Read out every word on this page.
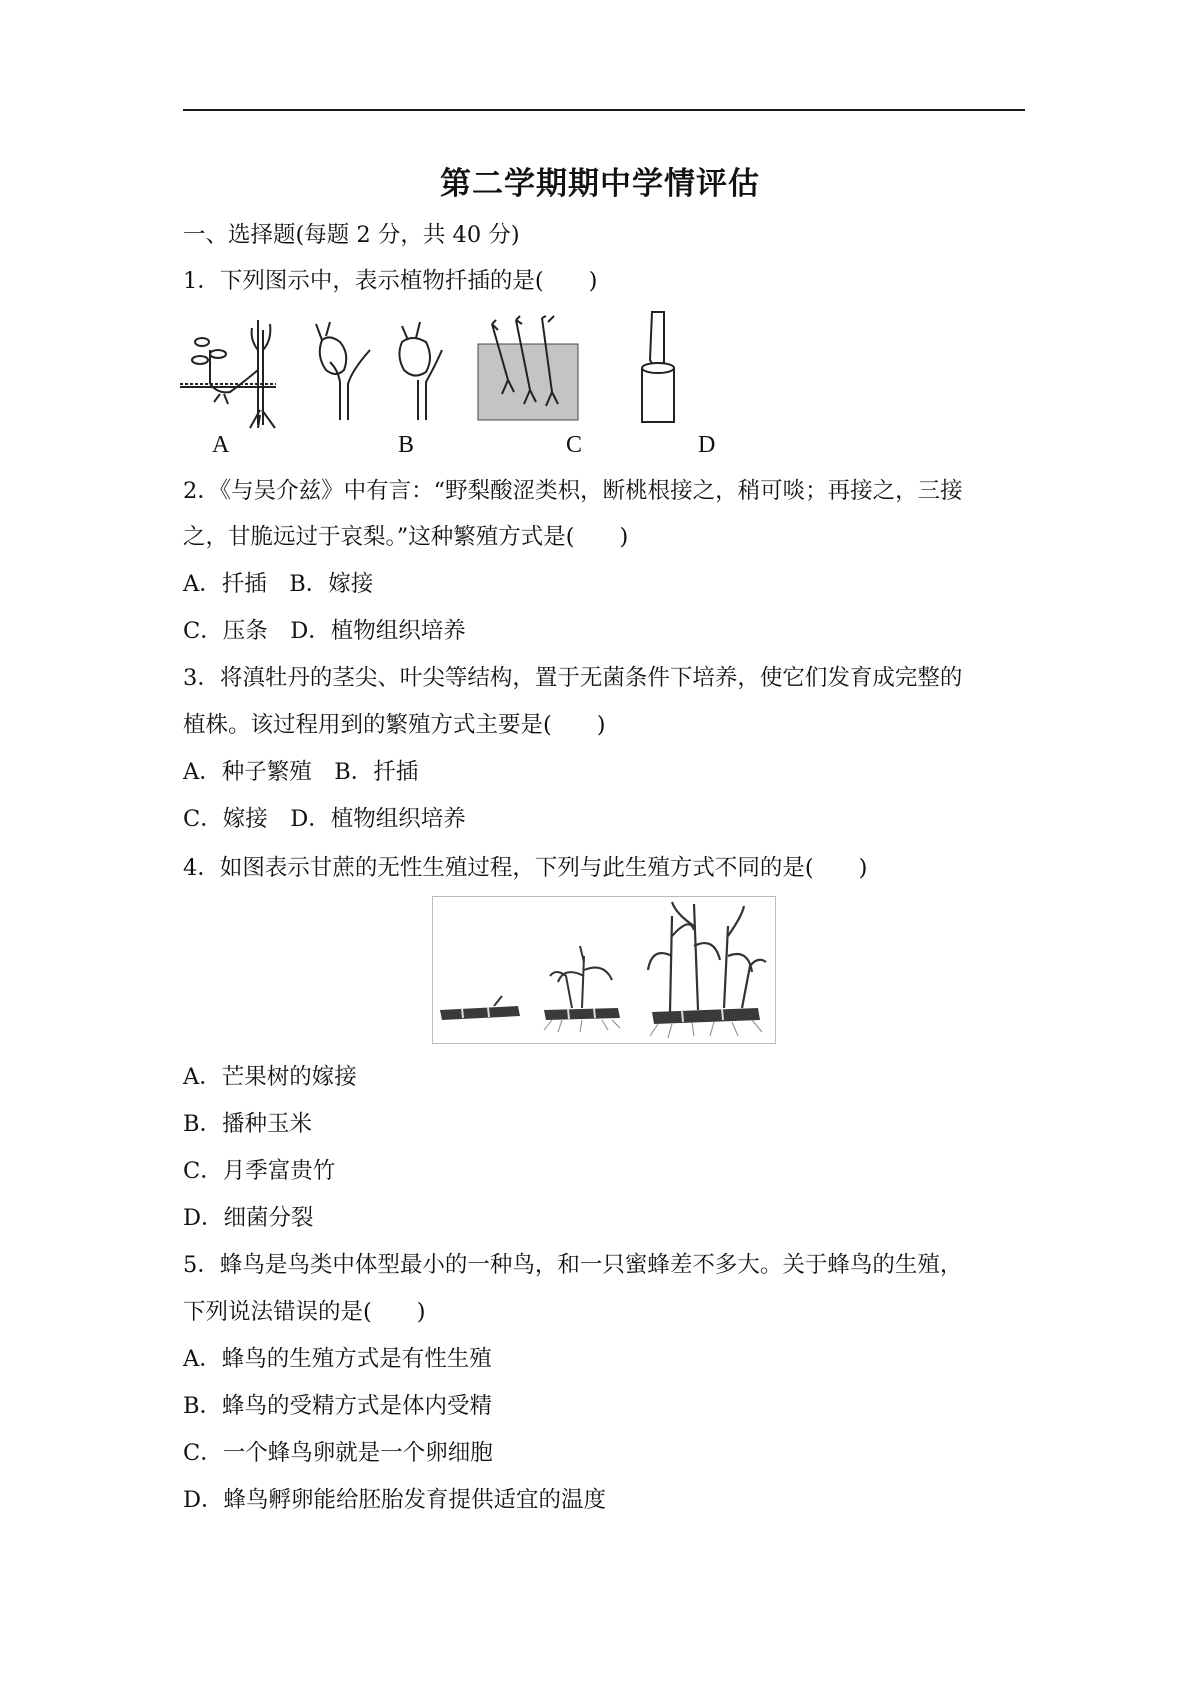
第二学期期中学情评估
一、选择题(每题 2 分，共 40 分)
1．下列图示中，表示植物扦插的是(　　)
A	B	C	D
2．《与吴介兹》中有言：“野梨酸涩类枳，断桃根接之，稍可啖；再接之，三接
之，甘脆远过于哀梨。”这种繁殖方式是(　　)
A．扦插　B．嫁接
C．压条　D．植物组织培养
3．将滇牡丹的茎尖、叶尖等结构，置于无菌条件下培养，使它们发育成完整的
植株。该过程用到的繁殖方式主要是(　　)
A．种子繁殖　B．扦插
C．嫁接　D．植物组织培养
4．如图表示甘蔗的无性生殖过程，下列与此生殖方式不同的是(　　)
A．芒果树的嫁接
B．播种玉米
C．月季富贵竹
D．细菌分裂
5．蜂鸟是鸟类中体型最小的一种鸟，和一只蜜蜂差不多大。关于蜂鸟的生殖，
下列说法错误的是(　　)
A．蜂鸟的生殖方式是有性生殖
B．蜂鸟的受精方式是体内受精
C．一个蜂鸟卵就是一个卵细胞
D．蜂鸟孵卵能给胚胎发育提供适宜的温度
